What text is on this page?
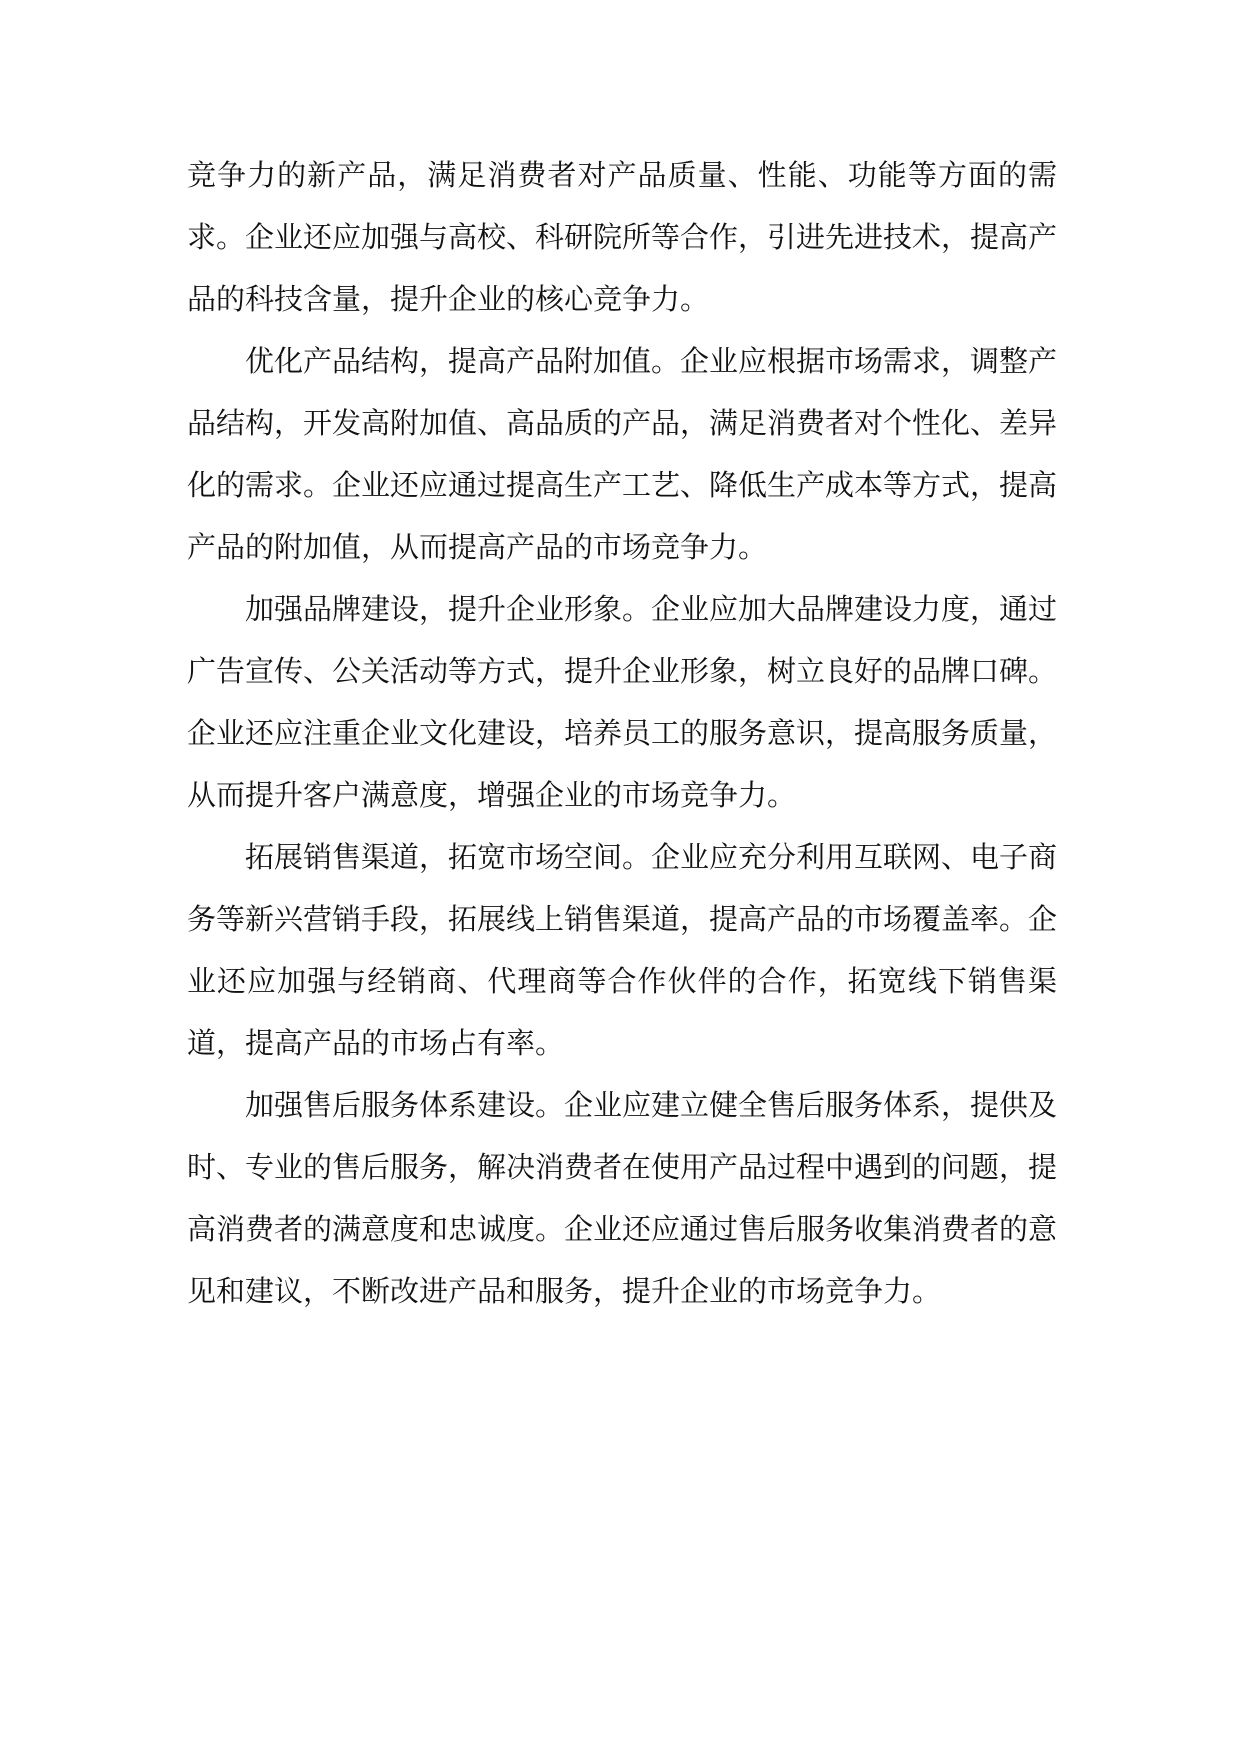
竞争力的新产品，满足消费者对产品质量、性能、功能等方面的需求。企业还应加强与高校、科研院所等合作，引进先进技术，提高产品的科技含量，提升企业的核心竞争力。

优化产品结构，提高产品附加值。企业应根据市场需求，调整产品结构，开发高附加值、高品质的产品，满足消费者对个性化、差异化的需求。企业还应通过提高生产工艺、降低生产成本等方式，提高产品的附加值，从而提高产品的市场竞争力。

加强品牌建设，提升企业形象。企业应加大品牌建设力度，通过广告宣传、公关活动等方式，提升企业形象，树立良好的品牌口碑。企业还应注重企业文化建设，培养员工的服务意识，提高服务质量，从而提升客户满意度，增强企业的市场竞争力。

拓展销售渠道，拓宽市场空间。企业应充分利用互联网、电子商务等新兴营销手段，拓展线上销售渠道，提高产品的市场覆盖率。企业还应加强与经销商、代理商等合作伙伴的合作，拓宽线下销售渠道，提高产品的市场占有率。

加强售后服务体系建设。企业应建立健全售后服务体系，提供及时、专业的售后服务，解决消费者在使用产品过程中遇到的问题，提高消费者的满意度和忠诚度。企业还应通过售后服务收集消费者的意见和建议，不断改进产品和服务，提升企业的市场竞争力。
